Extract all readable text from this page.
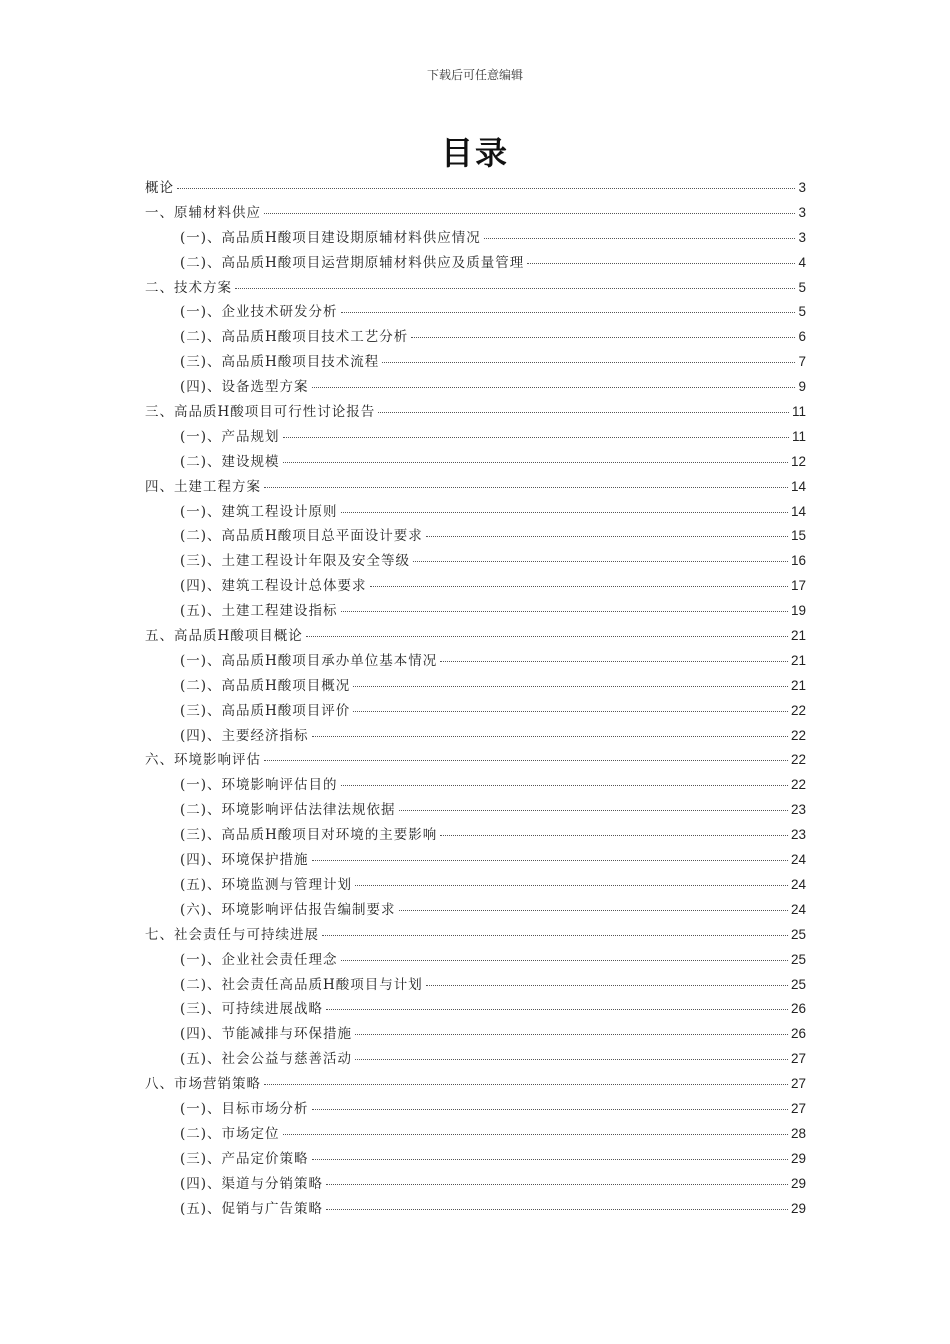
下载后可任意编辑
目录
概论	3
一、原辅材料供应	3
(一)、高品质H酸项目建设期原辅材料供应情况	3
(二)、高品质H酸项目运营期原辅材料供应及质量管理	4
二、技术方案	5
(一)、企业技术研发分析	5
(二)、高品质H酸项目技术工艺分析	6
(三)、高品质H酸项目技术流程	7
(四)、设备选型方案	9
三、高品质H酸项目可行性讨论报告	11
(一)、产品规划	11
(二)、建设规模	12
四、土建工程方案	14
(一)、建筑工程设计原则	14
(二)、高品质H酸项目总平面设计要求	15
(三)、土建工程设计年限及安全等级	16
(四)、建筑工程设计总体要求	17
(五)、土建工程建设指标	19
五、高品质H酸项目概论	21
(一)、高品质H酸项目承办单位基本情况	21
(二)、高品质H酸项目概况	21
(三)、高品质H酸项目评价	22
(四)、主要经济指标	22
六、环境影响评估	22
(一)、环境影响评估目的	22
(二)、环境影响评估法律法规依据	23
(三)、高品质H酸项目对环境的主要影响	23
(四)、环境保护措施	24
(五)、环境监测与管理计划	24
(六)、环境影响评估报告编制要求	24
七、社会责任与可持续进展	25
(一)、企业社会责任理念	25
(二)、社会责任高品质H酸项目与计划	25
(三)、可持续进展战略	26
(四)、节能减排与环保措施	26
(五)、社会公益与慈善活动	27
八、市场营销策略	27
(一)、目标市场分析	27
(二)、市场定位	28
(三)、产品定价策略	29
(四)、渠道与分销策略	29
(五)、促销与广告策略	29
